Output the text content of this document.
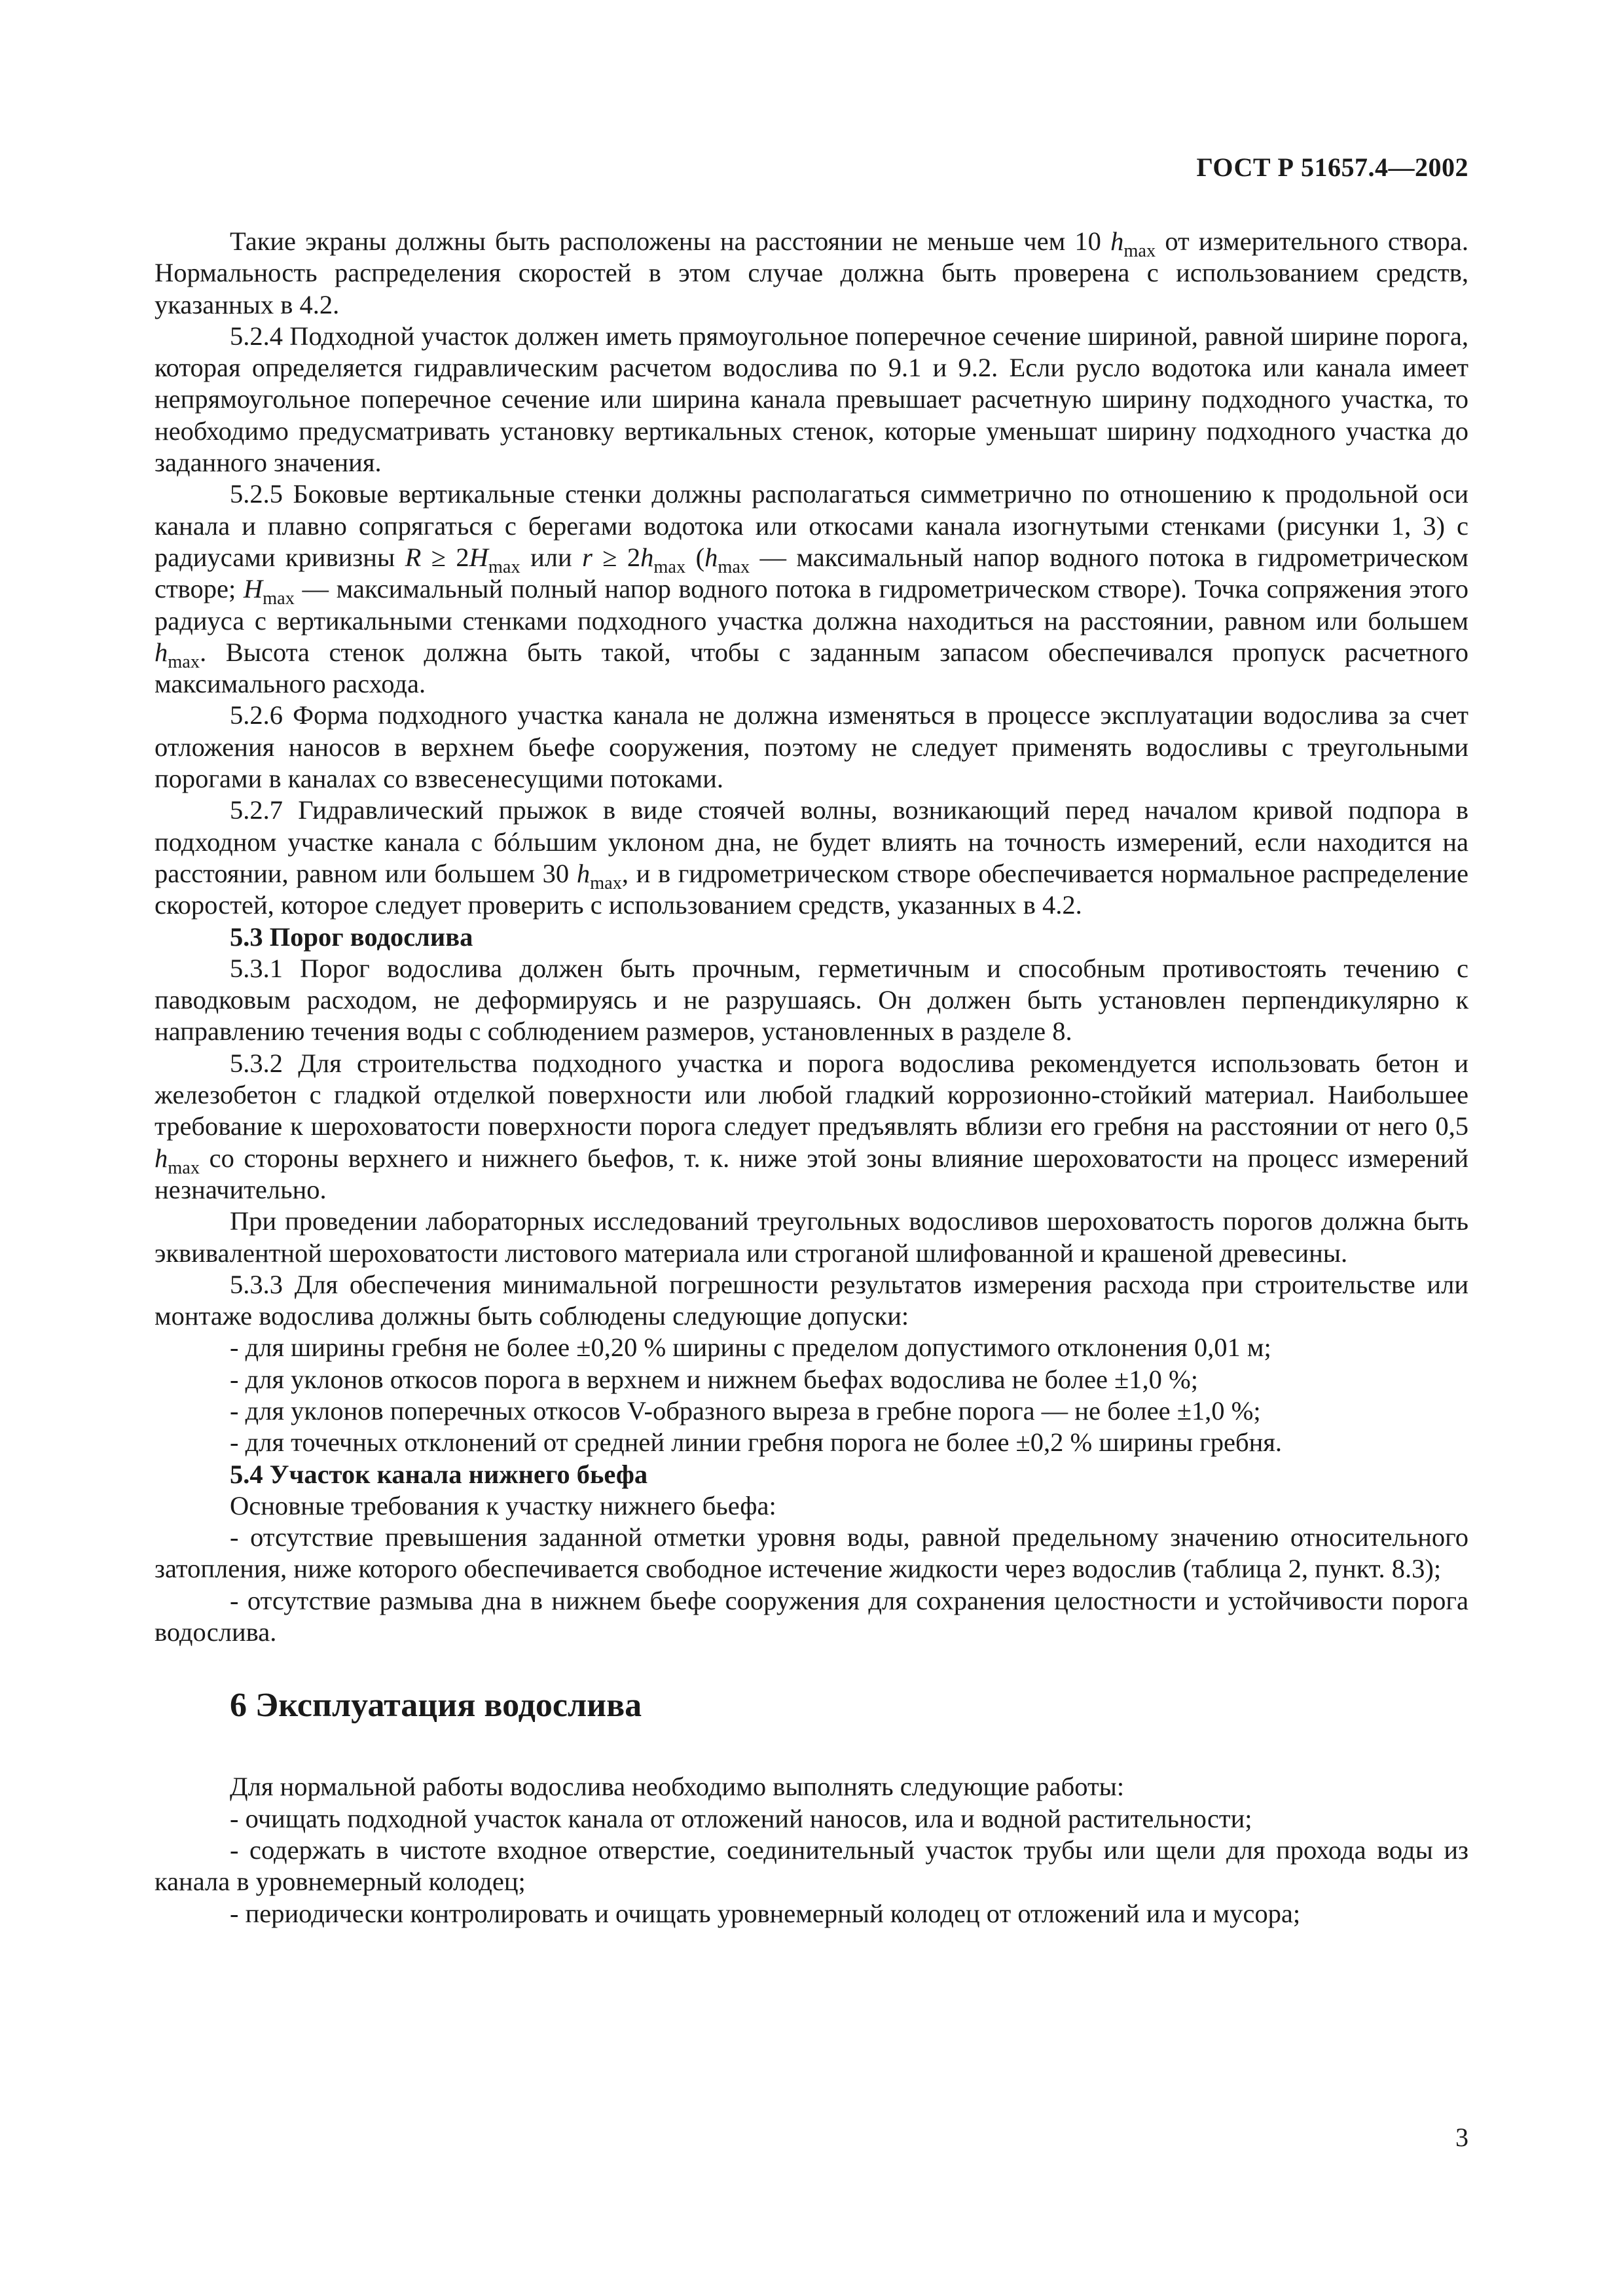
ГОСТ Р 51657.4—2002

Такие экраны должны быть расположены на расстоянии не меньше чем 10 $h_{max}$ от измерительного створа. Нормальность распределения скоростей в этом случае должна быть проверена с использованием средств, указанных в 4.2.

5.2.4 Подходной участок должен иметь прямоугольное поперечное сечение шириной, равной ширине порога, которая определяется гидравлическим расчетом водослива по 9.1 и 9.2. Если русло водотока или канала имеет непрямоугольное поперечное сечение или ширина канала превышает расчетную ширину подходного участка, то необходимо предусматривать установку вертикальных стенок, которые уменьшат ширину подходного участка до заданного значения.

5.2.5 Боковые вертикальные стенки должны располагаться симметрично по отношению к продольной оси канала и плавно сопрягаться с берегами водотока или откосами канала изогнутыми стенками (рисунки 1, 3) с радиусами кривизны $R \ge 2H_{max}$ или $r \ge 2h_{max}$ ($h_{max}$ — максимальный напор водного потока в гидрометрическом створе; $H_{max}$ — максимальный полный напор водного потока в гидрометрическом створе). Точка сопряжения этого радиуса с вертикальными стенками подходного участка должна находиться на расстоянии, равном или большем $h_{max}$. Высота стенок должна быть такой, чтобы с заданным запасом обеспечивался пропуск расчетного максимального расхода.

5.2.6 Форма подходного участка канала не должна изменяться в процессе эксплуатации водослива за счет отложения наносов в верхнем бьефе сооружения, поэтому не следует применять водосливы с треугольными порогами в каналах со взвесенесущими потоками.

5.2.7 Гидравлический прыжок в виде стоячей волны, возникающий перед началом кривой подпора в подходном участке канала с бóльшим уклоном дна, не будет влиять на точность измерений, если находится на расстоянии, равном или большем 30 $h_{max}$, и в гидрометрическом створе обеспечивается нормальное распределение скоростей, которое следует проверить с использованием средств, указанных в 4.2.

5.3 Порог водослива

5.3.1 Порог водослива должен быть прочным, герметичным и способным противостоять течению с паводковым расходом, не деформируясь и не разрушаясь. Он должен быть установлен перпендикулярно к направлению течения воды с соблюдением размеров, установленных в разделе 8.

5.3.2 Для строительства подходного участка и порога водослива рекомендуется использовать бетон и железобетон с гладкой отделкой поверхности или любой гладкий коррозионно-стойкий материал. Наибольшее требование к шероховатости поверхности порога следует предъявлять вблизи его гребня на расстоянии от него 0,5 $h_{max}$ со стороны верхнего и нижнего бьефов, т. к. ниже этой зоны влияние шероховатости на процесс измерений незначительно.

При проведении лабораторных исследований треугольных водосливов шероховатость порогов должна быть эквивалентной шероховатости листового материала или строганой шлифованной и крашеной древесины.

5.3.3 Для обеспечения минимальной погрешности результатов измерения расхода при строительстве или монтаже водослива должны быть соблюдены следующие допуски:

- для ширины гребня не более ±0,20 % ширины с пределом допустимого отклонения 0,01 м;

- для уклонов откосов порога в верхнем и нижнем бьефах водослива не более ±1,0 %;

- для уклонов поперечных откосов V-образного выреза в гребне порога — не более ±1,0 %;

- для точечных отклонений от средней линии гребня порога не более ±0,2 % ширины гребня.

5.4 Участок канала нижнего бьефа

Основные требования к участку нижнего бьефа:

- отсутствие превышения заданной отметки уровня воды, равной предельному значению относительного затопления, ниже которого обеспечивается свободное истечение жидкости через водослив (таблица 2, пункт. 8.3);

- отсутствие размыва дна в нижнем бьефе сооружения для сохранения целостности и устойчивости порога водослива.

6 Эксплуатация водослива

Для нормальной работы водослива необходимо выполнять следующие работы:

- очищать подходной участок канала от отложений наносов, ила и водной растительности;

- содержать в чистоте входное отверстие, соединительный участок трубы или щели для прохода воды из канала в уровнемерный колодец;

- периодически контролировать и очищать уровнемерный колодец от отложений ила и мусора;

3
